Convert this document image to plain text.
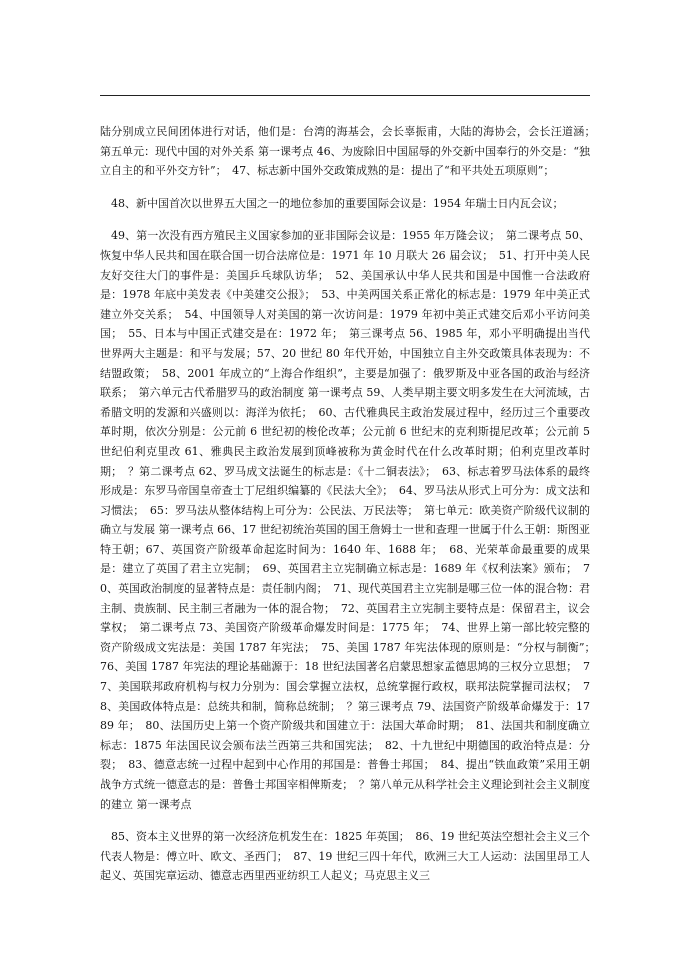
陆分别成立民间团体进行对话，他们是：台湾的海基会，会长辜振甫，大陆的海协会，会长汪道涵；　第五单元：现代中国的对外关系 第一课考点 46、为废除旧中国屈辱的外交新中国奉行的外交是：“独立自主的和平外交方针”；　47、标志新中国外交政策成熟的是：提出了“和平共处五项原则”；

48、新中国首次以世界五大国之一的地位参加的重要国际会议是：1954 年瑞士日内瓦会议；

49、第一次没有西方殖民主义国家参加的亚非国际会议是：1955 年万隆会议；　第二课考点 50、恢复中华人民共和国在联合国一切合法席位是：1971 年 10 月联大 26 届会议；　51、打开中美人民友好交往大门的事件是：美国乒乓球队访华；　52、美国承认中华人民共和国是中国惟一合法政府是：1978 年底中美发表《中美建交公报》；　53、中美两国关系正常化的标志是：1979 年中美正式建立外交关系；　54、中国领导人对美国的第一次访问是：1979 年初中美正式建交后邓小平访问美国；　55、日本与中国正式建交是在：1972 年；　第三课考点 56、1985 年，邓小平明确提出当代世界两大主题是：和平与发展；57、20 世纪 80 年代开始，中国独立自主外交政策具体表现为：不结盟政策；　58、2001 年成立的“上海合作组织”，主要是加强了：俄罗斯及中亚各国的政治与经济联系；　第六单元古代希腊罗马的政治制度 第一课考点 59、人类早期主要文明多发生在大河流域，古希腊文明的发源和兴盛则以：海洋为依托；　60、古代雅典民主政治发展过程中，经历过三个重要改革时期，依次分别是：公元前 6 世纪初的梭伦改革；公元前 6 世纪末的克利斯提尼改革；公元前 5 世纪伯利克里改 61、雅典民主政治发展到顶峰被称为黄金时代在什么改革时期；伯利克里改革时期；　？第二课考点 62、罗马成文法诞生的标志是：《十二铜表法》；　63、标志着罗马法体系的最终形成是：东罗马帝国皇帝查士丁尼组织编纂的《民法大全》；　64、罗马法从形式上可分为：成文法和习惯法；　65：罗马法从整体结构上可分为：公民法、万民法等；　第七单元：欧美资产阶级代议制的确立与发展 第一课考点 66、17 世纪初统治英国的国王詹姆士一世和查理一世属于什么王朝：斯图亚特王朝；67、英国资产阶级革命起迄时间为：1640 年、1688 年；　68、光荣革命最重要的成果是：建立了英国了君主立宪制；　69、英国君主立宪制确立标志是：1689 年《权利法案》颁布；　70、英国政治制度的显著特点是：责任制内阁；　71、现代英国君主立宪制是哪三位一体的混合物：君主制、贵族制、民主制三者融为一体的混合物；　72、英国君主立宪制主要特点是：保留君主，议会掌权；　第二课考点 73、美国资产阶级革命爆发时间是：1775 年；　74、世界上第一部比较完整的资产阶级成文宪法是：美国 1787 年宪法；　75、美国 1787 年宪法体现的原则是：“分权与制衡”；　76、美国 1787 年宪法的理论基础源于：18 世纪法国著名启蒙思想家孟德思鸠的三权分立思想；　77、美国联邦政府机构与权力分别为：国会掌握立法权，总统掌握行政权，联邦法院掌握司法权；　78、美国政体特点是：总统共和制，简称总统制；　？第三课考点 79、法国资产阶级革命爆发于：1789 年；　80、法国历史上第一个资产阶级共和国建立于：法国大革命时期；　81、法国共和制度确立标志：1875 年法国民议会颁布法兰西第三共和国宪法；　82、十九世纪中期德国的政治特点是：分裂；　83、德意志统一过程中起到中心作用的邦国是：普鲁士邦国；　84、提出“铁血政策”采用王朝战争方式统一德意志的是：普鲁士邦国宰相俾斯麦；　？第八单元从科学社会主义理论到社会主义制度的建立 第一课考点

85、资本主义世界的第一次经济危机发生在：1825 年英国；　86、19 世纪英法空想社会主义三个代表人物是：傅立叶、欧文、圣西门；　87、19 世纪三四十年代，欧洲三大工人运动：法国里昂工人起义、英国宪章运动、德意志西里西亚纺织工人起义；马克思主义三
